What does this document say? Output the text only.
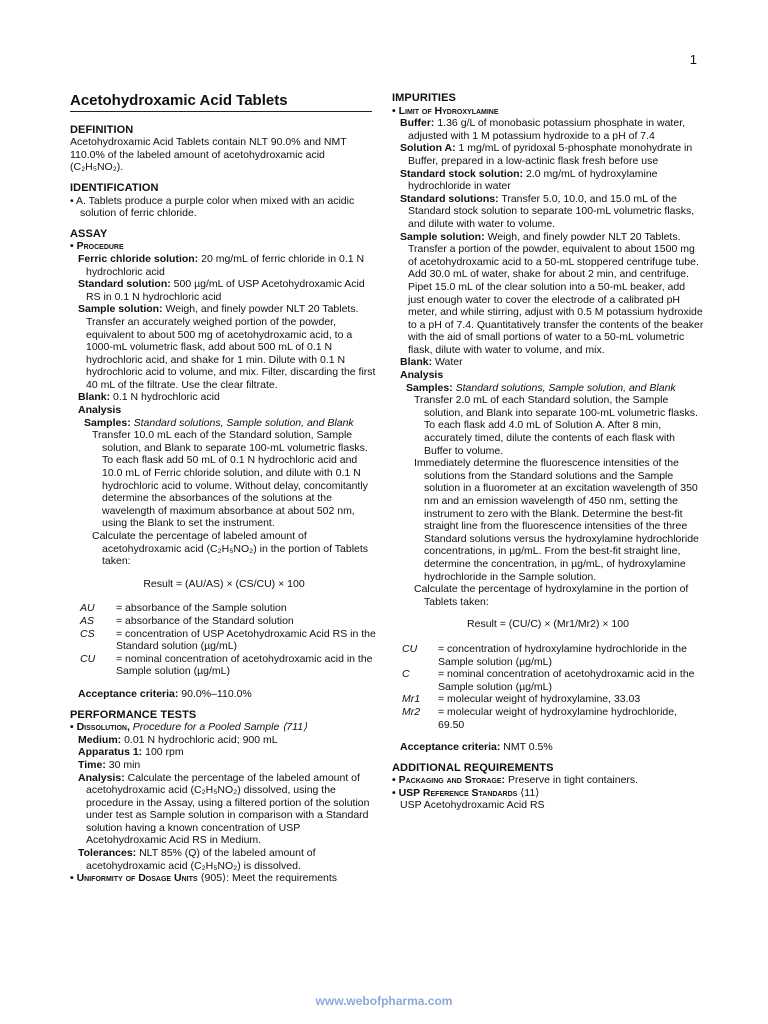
1
Acetohydroxamic Acid Tablets
DEFINITION

Acetohydroxamic Acid Tablets contain NLT 90.0% and NMT 110.0% of the labeled amount of acetohydroxamic acid (C₂H₅NO₂).

IDENTIFICATION

• A. Tablets produce a purple color when mixed with an acidic solution of ferric chloride.

ASSAY
• Procedure

Ferric chloride solution: 20 mg/mL of ferric chloride in 0.1 N hydrochloric acid

Standard solution: 500 µg/mL of USP Acetohydroxamic Acid RS in 0.1 N hydrochloric acid

Sample solution: Weigh, and finely powder NLT 20 Tablets. Transfer an accurately weighed portion of the powder, equivalent to about 500 mg of acetohydroxamic acid, to a 1000-mL volumetric flask, add about 500 mL of 0.1 N hydrochloric acid, and shake for 1 min. Dilute with 0.1 N hydrochloric acid to volume, and mix. Filter, discarding the first 40 mL of the filtrate. Use the clear filtrate.

Blank: 0.1 N hydrochloric acid

Analysis

Samples: Standard solutions, Sample solution, and Blank

Transfer 10.0 mL each of the Standard solution, Sample solution, and Blank to separate 100-mL volumetric flasks. To each flask add 50 mL of 0.1 N hydrochloric acid and 10.0 mL of Ferric chloride solution, and dilute with 0.1 N hydrochloric acid to volume. Without delay, concomitantly determine the absorbances of the solutions at the wavelength of maximum absorbance at about 502 nm, using the Blank to set the instrument.

Calculate the percentage of labeled amount of acetohydroxamic acid (C₂H₅NO₂) in the portion of Tablets taken:

Result = (AU/AS) × (CS/CU) × 100
AU	= absorbance of the Sample solution
AS	= absorbance of the Standard solution
CS	= concentration of USP Acetohydroxamic Acid RS in the Standard solution (µg/mL)
CU	= nominal concentration of acetohydroxamic acid in the Sample solution (µg/mL)

Acceptance criteria: 90.0%–110.0%

PERFORMANCE TESTS

• Dissolution, Procedure for a Pooled Sample ⟨711⟩

Medium: 0.01 N hydrochloric acid; 900 mL

Apparatus 1: 100 rpm

Time: 30 min

Analysis: Calculate the percentage of the labeled amount of acetohydroxamic acid (C₂H₅NO₂) dissolved, using the procedure in the Assay, using a filtered portion of the solution under test as Sample solution in comparison with a Standard solution having a known concentration of USP Acetohydroxamic Acid RS in Medium.

Tolerances: NLT 85% (Q) of the labeled amount of acetohydroxamic acid (C₂H₅NO₂) is dissolved.

• Uniformity of Dosage Units ⟨905⟩: Meet the requirements

IMPURITIES
• Limit of Hydroxylamine

Buffer: 1.36 g/L of monobasic potassium phosphate in water, adjusted with 1 M potassium hydroxide to a pH of 7.4

Solution A: 1 mg/mL of pyridoxal 5-phosphate monohydrate in Buffer, prepared in a low-actinic flask fresh before use

Standard stock solution: 2.0 mg/mL of hydroxylamine hydrochloride in water

Standard solutions: Transfer 5.0, 10.0, and 15.0 mL of the Standard stock solution to separate 100-mL volumetric flasks, and dilute with water to volume.

Sample solution: Weigh, and finely powder NLT 20 Tablets. Transfer a portion of the powder, equivalent to about 1500 mg of acetohydroxamic acid to a 50-mL stoppered centrifuge tube. Add 30.0 mL of water, shake for about 2 min, and centrifuge. Pipet 15.0 mL of the clear solution into a 50-mL beaker, add just enough water to cover the electrode of a calibrated pH meter, and while stirring, adjust with 0.5 M potassium hydroxide to a pH of 7.4. Quantitatively transfer the contents of the beaker with the aid of small portions of water to a 50-mL volumetric flask, dilute with water to volume, and mix.

Blank: Water

Analysis

Samples: Standard solutions, Sample solution, and Blank

Transfer 2.0 mL of each Standard solution, the Sample solution, and Blank into separate 100-mL volumetric flasks. To each flask add 4.0 mL of Solution A. After 8 min, accurately timed, dilute the contents of each flask with Buffer to volume.

Immediately determine the fluorescence intensities of the solutions from the Standard solutions and the Sample solution in a fluorometer at an excitation wavelength of 350 nm and an emission wavelength of 450 nm, setting the instrument to zero with the Blank. Determine the best-fit straight line from the fluorescence intensities of the three Standard solutions versus the hydroxylamine hydrochloride concentrations, in µg/mL. From the best-fit straight line, determine the concentration, in µg/mL, of hydroxylamine hydrochloride in the Sample solution.

Calculate the percentage of hydroxylamine in the portion of Tablets taken:

Result = (CU/C) × (Mr1/Mr2) × 100
CU	= concentration of hydroxylamine hydrochloride in the Sample solution (µg/mL)
C	= nominal concentration of acetohydroxamic acid in the Sample solution (µg/mL)
Mr1	= molecular weight of hydroxylamine, 33.03
Mr2	= molecular weight of hydroxylamine hydrochloride, 69.50

Acceptance criteria: NMT 0.5%

ADDITIONAL REQUIREMENTS

• Packaging and Storage: Preserve in tight containers.

• USP Reference Standards ⟨11⟩

USP Acetohydroxamic Acid RS

www.webofpharma.com
